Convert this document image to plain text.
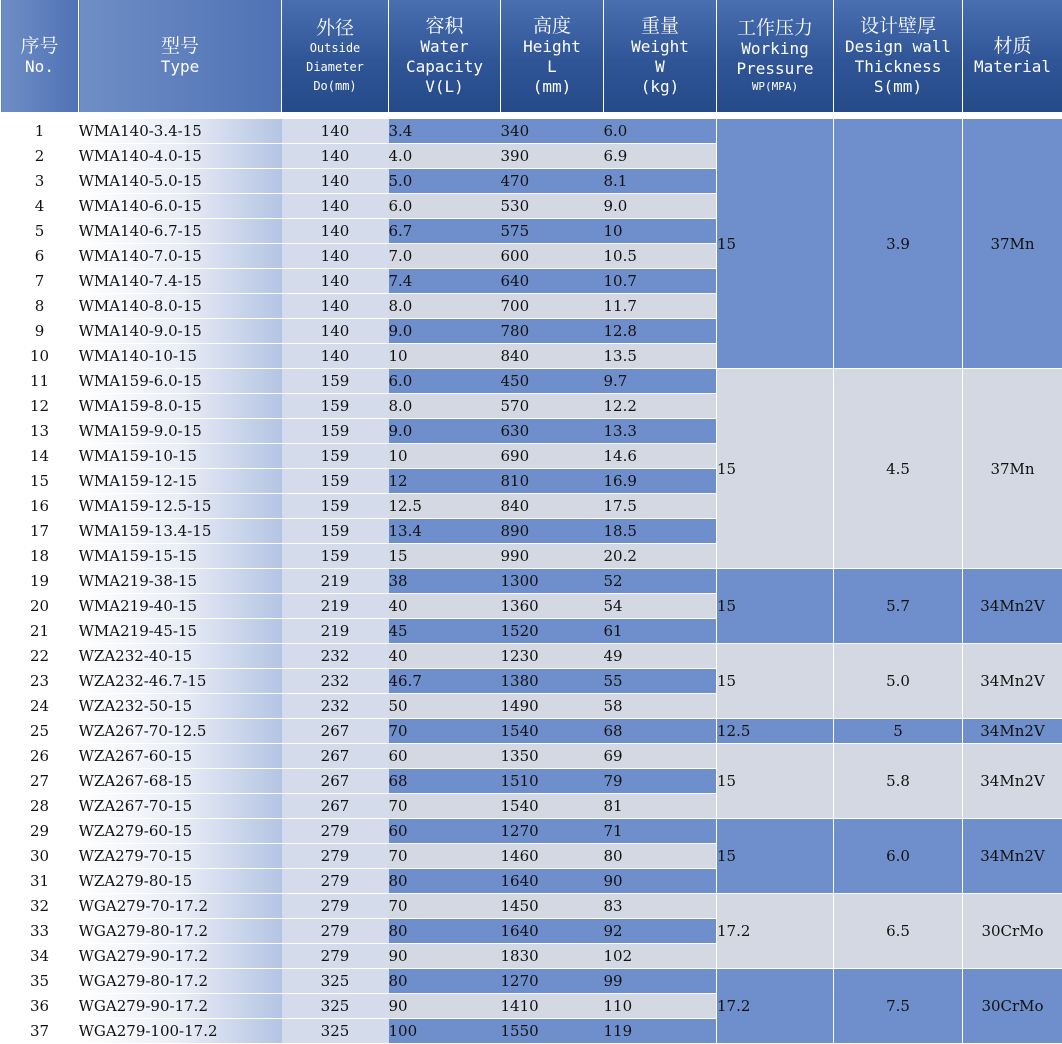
序号
No.	型号
Type	外径
Outside
Diameter
Do(mm)	容积
Water
Capacity
V(L)	高度
Height
L
(mm)	重量
Weight
W
(kg)	工作压力
Working
Pressure
WP(MPA)	设计壁厚
Design wall
Thickness
S(mm)	材质
Material

1	WMA140-3.4-15	140	3.4	340	6.0	15	3.9	37Mn
2	WMA140-4.0-15	140	4.0	390	6.9			
3	WMA140-5.0-15	140	5.0	470	8.1			
4	WMA140-6.0-15	140	6.0	530	9.0			
5	WMA140-6.7-15	140	6.7	575	10			
6	WMA140-7.0-15	140	7.0	600	10.5			
7	WMA140-7.4-15	140	7.4	640	10.7			
8	WMA140-8.0-15	140	8.0	700	11.7			
9	WMA140-9.0-15	140	9.0	780	12.8			
10	WMA140-10-15	140	10	840	13.5			
11	WMA159-6.0-15	159	6.0	450	9.7	15	4.5	37Mn
12	WMA159-8.0-15	159	8.0	570	12.2			
13	WMA159-9.0-15	159	9.0	630	13.3			
14	WMA159-10-15	159	10	690	14.6			
15	WMA159-12-15	159	12	810	16.9			
16	WMA159-12.5-15	159	12.5	840	17.5			
17	WMA159-13.4-15	159	13.4	890	18.5			
18	WMA159-15-15	159	15	990	20.2			
19	WMA219-38-15	219	38	1300	52	15	5.7	34Mn2V
20	WMA219-40-15	219	40	1360	54			
21	WMA219-45-15	219	45	1520	61			
22	WZA232-40-15	232	40	1230	49	15	5.0	34Mn2V
23	WZA232-46.7-15	232	46.7	1380	55			
24	WZA232-50-15	232	50	1490	58			
25	WZA267-70-12.5	267	70	1540	68	12.5	5	34Mn2V
26	WZA267-60-15	267	60	1350	69	15	5.8	34Mn2V
27	WZA267-68-15	267	68	1510	79			
28	WZA267-70-15	267	70	1540	81			
29	WZA279-60-15	279	60	1270	71	15	6.0	34Mn2V
30	WZA279-70-15	279	70	1460	80			
31	WZA279-80-15	279	80	1640	90			
32	WGA279-70-17.2	279	70	1450	83	17.2	6.5	30CrMo
33	WGA279-80-17.2	279	80	1640	92			
34	WGA279-90-17.2	279	90	1830	102			
35	WGA279-80-17.2	325	80	1270	99	17.2	7.5	30CrMo
36	WGA279-90-17.2	325	90	1410	110			
37	WGA279-100-17.2	325	100	1550	119			
